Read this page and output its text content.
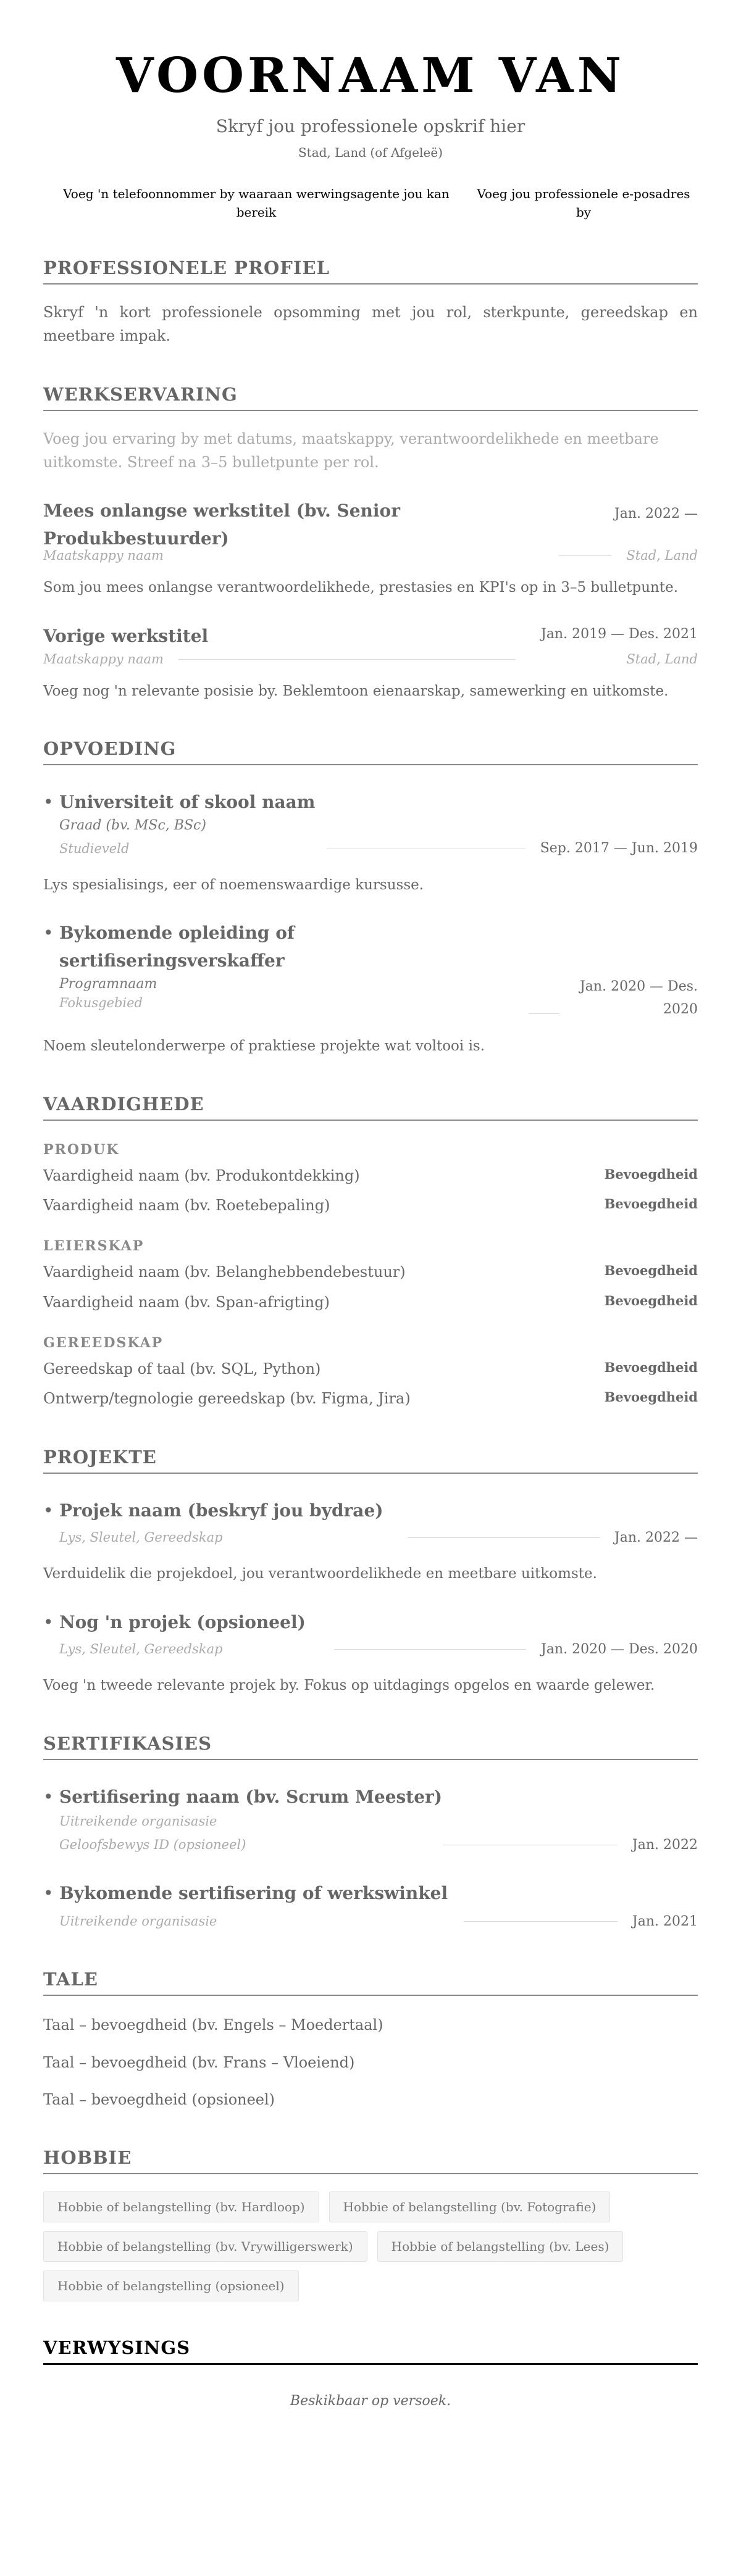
VOORNAAM VAN
Skryf jou professionele opskrif hier
Stad, Land (of Afgeleë)
Voeg 'n telefoonnommer by waaraan werwingsagente jou kan bereik
Voeg jou professionele e-posadres by
PROFESSIONELE PROFIEL

Skryf 'n kort professionele opsomming met jou rol, sterkpunte, gereedskap en meetbare impak.

WERKSERVARING

Voeg jou ervaring by met datums, maatskappy, verantwoordelikhede en meetbare uitkomste. Streef na 3–5 bulletpunte per rol.

Mees onlangse werkstitel (bv. Senior Produkbestuurder)
Jan. 2022 —
Maatskappy naam	Stad, Land
Som jou mees onlangse verantwoordelikhede, prestasies en KPI's op in 3–5 bulletpunte.
Vorige werkstitel	Jan. 2019 — Des. 2021
Maatskappy naam	Stad, Land
Voeg nog 'n relevante posisie by. Beklemtoon eienaarskap, samewerking en uitkomste.
OPVOEDING
• Universiteit of skool naam
Graad (bv. MSc, BSc)
Studieveld	Sep. 2017 — Jun. 2019
Lys spesialisings, eer of noemenswaardige kursusse.
• Bykomende opleiding of sertifiseringsverskaffer
Programnaam
Fokusgebied
Jan. 2020 — Des. 2020
Noem sleutelonderwerpe of praktiese projekte wat voltooi is.
VAARDIGHEDE
PRODUK
Vaardigheid naam (bv. Produkontdekking)	Bevoegdheid
Vaardigheid naam (bv. Roetebepaling)	Bevoegdheid
LEIERSKAP
Vaardigheid naam (bv. Belanghebbendebestuur)	Bevoegdheid
Vaardigheid naam (bv. Span-afrigting)	Bevoegdheid
GEREEDSKAP
Gereedskap of taal (bv. SQL, Python)	Bevoegdheid
Ontwerp/tegnologie gereedskap (bv. Figma, Jira)	Bevoegdheid
PROJEKTE
• Projek naam (beskryf jou bydrae)
Lys, Sleutel, Gereedskap	Jan. 2022 —
Verduidelik die projekdoel, jou verantwoordelikhede en meetbare uitkomste.
• Nog 'n projek (opsioneel)
Lys, Sleutel, Gereedskap	Jan. 2020 — Des. 2020
Voeg 'n tweede relevante projek by. Fokus op uitdagings opgelos en waarde gelewer.
SERTIFIKASIES
• Sertifisering naam (bv. Scrum Meester)
Uitreikende organisasie
Geloofsbewys ID (opsioneel)	Jan. 2022
• Bykomende sertifisering of werkswinkel
Uitreikende organisasie	Jan. 2021
TALE
Taal – bevoegdheid (bv. Engels – Moedertaal)
Taal – bevoegdheid (bv. Frans – Vloeiend)
Taal – bevoegdheid (opsioneel)
HOBBIE
Hobbie of belangstelling (bv. Hardloop)	Hobbie of belangstelling (bv. Fotografie)
Hobbie of belangstelling (bv. Vrywilligerswerk)	Hobbie of belangstelling (bv. Lees)
Hobbie of belangstelling (opsioneel)
VERWYSINGS
Beskikbaar op versoek.
